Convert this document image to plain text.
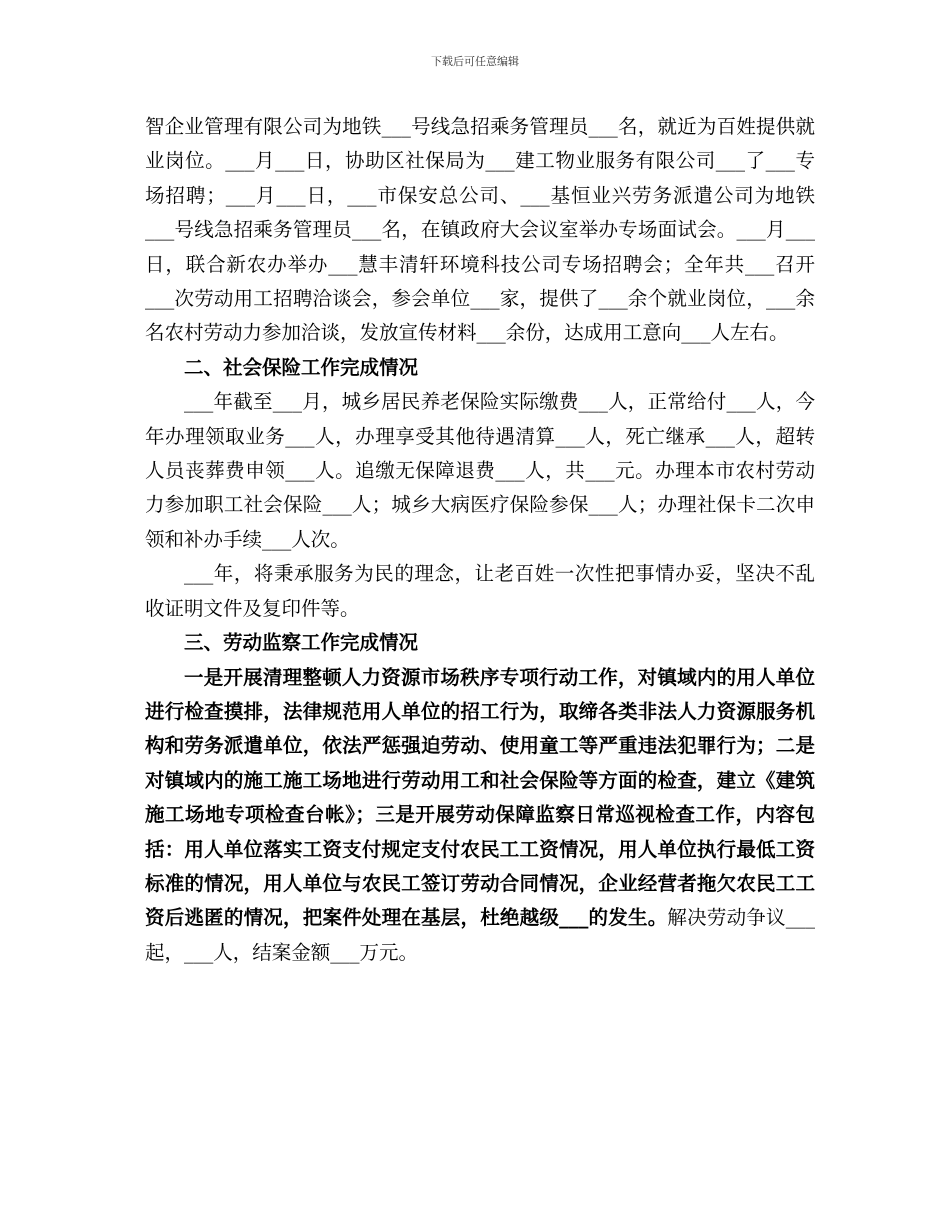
下载后可任意编辑

智企业管理有限公司为地铁___号线急招乘务管理员___名，就近为百姓提供就业岗位。___月___日，协助区社保局为___建工物业服务有限公司___了___专场招聘；___月___日，___市保安总公司、___基恒业兴劳务派遣公司为地铁___号线急招乘务管理员___名，在镇政府大会议室举办专场面试会。___月___日，联合新农办举办___慧丰清轩环境科技公司专场招聘会；全年共___召开___次劳动用工招聘洽谈会，参会单位___家，提供了___余个就业岗位，___余名农村劳动力参加洽谈，发放宣传材料___余份，达成用工意向___人左右。

二、社会保险工作完成情况

___年截至___月，城乡居民养老保险实际缴费___人，正常给付___人，今年办理领取业务___人，办理享受其他待遇清算___人，死亡继承___人，超转人员丧葬费申领___人。追缴无保障退费___人，共___元。办理本市农村劳动力参加职工社会保险___人；城乡大病医疗保险参保___人；办理社保卡二次申领和补办手续___人次。

___年，将秉承服务为民的理念，让老百姓一次性把事情办妥，坚决不乱收证明文件及复印件等。

三、劳动监察工作完成情况

一是开展清理整顿人力资源市场秩序专项行动工作，对镇域内的用人单位进行检查摸排，法律规范用人单位的招工行为，取缔各类非法人力资源服务机构和劳务派遣单位，依法严惩强迫劳动、使用童工等严重违法犯罪行为；二是对镇域内的施工施工场地进行劳动用工和社会保险等方面的检查，建立《建筑施工场地专项检查台帐》；三是开展劳动保障监察日常巡视检查工作，内容包括：用人单位落实工资支付规定支付农民工工资情况，用人单位执行最低工资标准的情况，用人单位与农民工签订劳动合同情况，企业经营者拖欠农民工工资后逃匿的情况，把案件处理在基层，杜绝越级___的发生。解决劳动争议___起，___人，结案金额___万元。
